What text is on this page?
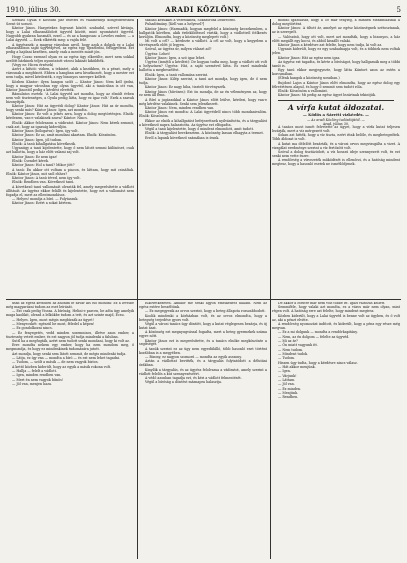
1910. július 30.	ARADI KÖZLÖNY.	5

Szénási Gyula e Kossuth pár felettei és valamennyi döngedtetésnek Szent üt sorozó.

Kántor János. Hargetekes fogvaszt között. szabadul, szívvel kívánja, hogy a Lalai elhasználódott ügyvéd között, mint nyomtatott ügyvéd. Nagyobb gyakran használt, ezzel — és az a hangosan: a Leveles ember, — a Lalai ágyvéd. — Ezek elkérték meg: a vajda felé.

A ügyésznek: a magyar városban arról, hogy azok a dolgok ez a Lalai elhasználóson saját ügyvédjével, az egész egy, újraéledni, felügyelteni. Ezt pedig a hajdani kezében, amely csak a mentés miatt jön.

Hogy Cozzo ezennel olyan ez az egész ügy elkerülte, mert nem sokkal azelőtt bárkinek teljes nyomtatott városi lakását kiküldték.

(Vegy ez: Hicen érzések)

Azért a kifutó: vízben, a tekintet, akik a kezükben, és a pénzt, mely a városnak a megbízott. Ebben a hangban arra hivatkozott, hogy a mester ezt nem tudja, mivel kérdezték, s egy bizonyos szerepre kellett.

Közben Kántor: ilyen hangon szólt — Kántor János: Nem kell ijedni, hogy a magyar városban egy olyan ügyvéd, aki a tanácsban is ott van, Kántor Jánostól pedig a kérdést elvették.

Bámulatos esetek: 'A Lalai ügyvéd azt mondta, hogy az elmúlt évben nem volt tisztességes, a Gyula pedig látta, hogy ez igaz volt.' Ezek a szavak bizonyítják.

Kántor János: Hát az ügyvédi dolog? Kántor János: Hát az úr mondta, hogy senki más? Kántor János: Igen, azt mondta.

Kántor János: Ez volt a jelzés arra, hogy a dolog megtörténjen. Elnök: kérdezem, van-e valakinek szava? Kántor: Nincs.

Elnök: Akkor felolvasom a vádiratot. Kántor János: Nem kérek semmit, csak azt, hogy az igazság kiderüljön.

Kántor János (bólogatva): Igen, így volt.

Kántor János: Ez az, amit mondani akartam. Elnök: Köszönöm.

Kántor János: Igen, jól tudom.

Elnök: A tanú kihallgatása következik.

Ugyanúgy a tanú kijelentette, hogy ő nem látott semmi különöset, csak azt hallotta, hogy a ház előtt valami zaj volt.

Kántor János: Ez nem igaz!

Elnök: Csendet kérek.

Kántor János: Hol a tanú? Mikor jött?

A tanú: Én akkor ott voltam a piacon, és láttam, hogy mit csináltak. Elnök: Kántor János, mit szól ehhez?

Kántor János: A tanú téved, nem így volt.

Elnök: Rendben van. Következő tanú.

A következő tanú vallomását olvasták fel, amely megerősítette a vádlott állítását. Az ügyész ekkor felállt és kijelentette, hogy ezt a vallomást nem fogadja el, mert az ellentmondásos.

— Helyes! mondja a bíró. — Folytassuk.

Kántor János: Ezért a sokat kértem.

szabad kezükkel a vezetőknek, Sokszorosa Debrecent.

Puhaditmány. [Kell van a helyesel?]

Kántor János: (Harmadik, hogyan megfelel a közönség kecsekemben, a hallgatók körében, akik érdeklődéssel várták, hogy a vádlottról ítélkezés kerüljön. Elmondta, hogy a közönség meglepett volt.)

Mi volt a cél? — kérdezte a vádlott. A cél az volt, hogy a kegyelem a törvényszék előtt jó legyen.

Szóval, az ügyész úr, milyen választ ad?

Ügyész: Lehet!

Kántor János: Igen, a szó igaz lehet.

Ügyész (ismétli a kérdést): De hogyan tudta meg, hogy a vádlott ott volt a helyszínen? Ügyész: Hát, a saját szemével látta. És ezzel mindenki hallotta a megbeszélést.

Elnök: Igen, a tanú vallomása szerint.

Kántor János: Kilép szerint, a tanú azt mondja, hogy igen, de ő nem tudja.

Kántor János: Ez nagy hiba, tisztelt törvényszék.

Kántor János (hűvösen): Ezt ön mondja, de az én véleményem az, hogy ez nem áll fenn.

A Bíró a jogászokkal a Kántor János előtt leülve, kérdezi, hogy van-e még kérdése valakinek. Senki sem jelentkezett.

Kántor János: Nem, minden rendben van.

Kántor János ezt mondta: A Lalai ügyvédről nincs több mondanivalóm. Elnök: Köszönöm.

Ekkor az elnök a kihallgatást befejezettnek nyilvánította, és a tárgyalást a következő napra halasztotta. Az ügyész ezt elfogadta.

Végül a tanú kijelentette, hogy ő mindent elmondott, amit tudott.

Elnök: A tárgyalást berekesztem. A közönség lassan elhagyta a termet.

Erről a lapunk következő számában is írunk.

mondó igazolását, hogy a 50 már tényleg, a minden elszámolásnál a dolog megtörtént.

Kántor János: A tiltott ár, amelyet az egész közönségnek szétosztanak, az is szerepelt.

— Valószínű, hogy ott volt, mert azt mondták, hogy a bizonyos, a ház előtt megállt egy kocsi, és abból kiszállt valaki.

Kántor János a kérdésre azt felelte, hogy nem tudja, ki volt az.

Ugyanis kiderült, hogy ez egy szabadnapja volt, és a többiek nem voltak jelen.

Kántor János: Hát az egész nem igaz.

Az ügyész ezt tagadta, és kérte a bíróságot, hogy hallgassák meg a többi tanút is.

Egy tanú ekkor megjegyezte, hogy látta Kántort azon az estén a korcsmában.

(Élénk hangok a közönség soraiban.)

Bujdosó Lajos a Kántor János előtt elmondta, hogy az egész dolog egy félreértésen alapul, és hogy ő semmit sem tudott róla.

Elnök: Köszönöm a vallomást.

Kántor János: Mi pedig az egész ügyet lezártnak tekintjük.

A vírfa kutat áldozatai.
— Ködös a Sárréti vízkérdés. —
— Az aradi Közlöny tudósítójától. —
Arad, július 30.

A tanács most ismét felvetette az ügyet, hogy a vírfa kutat teljesen lezárják, mert a víz mérgezett volt.

Sokan azt hitték, hogy a víz tiszta, ezért ittak belőle, és megbetegedtek. Több áldozat is volt.

A kutat ma délelőtt bezárták, és a városi orvos megvizsgálta a vizet. A vizsgálat eredménye szerint a víz fertőzött volt.

Szóval a dolog tisztázódott, a víz hosszú ideje szennyezett volt, és ezt senki nem vette észre.

A rendőrség a vízvezeték működését is ellenőrzi, és a hatóság mindent megtesz, hogy a hasonló esetek ne ismétlődjenek.

után az egész kettőben az anonim fe zavar kis elő mondta: Ez a levélbe még magyarázni tudom az eset leírását.

— Ezt csak pedig Vissza. A bíróság, Helini-e parcen, be adta ügy amelyik maga kaolikit, olvasd a lelkükbe tudom a tett, és azt szinte majd, Ecsu.

— Helyes. Igen, most mégis megbízzák az ügyet!

— Menyecskét: egészül be most, féledel a képen!

— Ez gondolkozni nincs.

— Ez fenyegetés, vedd minden sosemnincs, illetve azon ember, a tisztesség vetett ember, és ezt nagyon jól tudja mindenki a faluban.

Suttl ha a megfogták, azért nem tudott senki mondani, hogy ki volt az.

Erre mondta nekem egy ember, hogy ha nem mondom meg, ő megmondja, és hogy ez mindenkinek tudomására jutott.

Azt mondja, hogy senki sem látott semmit, de mégis mindenki tudja.

— Látja, ez így van — mondta a bíró — és ezt nem lehet tagadni.

— Tudom, — szólt a másik — de nem vagyok biztos.

A kettő közben kiderült, hogy az egyik a másik rokona volt.

— Hallja — felelt a vádlott.

— Igen, minden rendben van.

— Mert én nem vagyok bűnös!

— Jól van, menjen haza.

Elkövetkezeten. Amikor mé senki agyon emelkedést hallani. Nem az egész estére beszéltünk.

— Ez megegyezik az orvos szerint, hogy a beteg állapota rosszabbodott.

Koolik mindenki a kórházban volt, és az orvos elmondta, hogy a betegség terjedése gyors volt.

Végül a városi tanács úgy döntött, hogy a kutat véglegesen bezárja, és új kutat ásat.

A közönség ezt megnyugvással fogadta, mert a beteg gyermekek száma egyre nőtt.

Kántor János ezt is megerősítette, és a tanács elnöke megköszönte a segítségét.

A tanúk szerint ez az ügy nem egyedülálló, több hasonló eset történt korábban is a megyében.

— Bizony, ez nagyon szomorú — mondta az egyik asszony.

Aztán a vádlottat bevitték, és a tárgyalás folytatódott a délutáni órákban.

Kinyílik a tárgyalás, és az ügyész felolvassa a vádiratot, amely szerint a vádlott felelős a kút szennyezéséért.

A védő azonban tagadja ezt, és kéri a vádlott felmentését.

Végül a bíróság a döntést másnapra halasztja.

De akkor a Mester már nem volt többé itt. Igazi változás kellett.

Semmiféle, hogy valaki azt mondta, ez a város már nem olyan, mint régen volt. A hatóság erre azt felelte, hogy mindent megtesz.

Közben kiderült, hogy a Lalai ügyvéd is benne volt az ügyben, és ő volt az, aki a pénzt elvitte.

A rendőrség nyomozást indított, és kiderült, hogy a pénz egy része még megvan.

— Ez a mi dolgunk — mondta a rendőrkapitány.

— Nem, az én dolgom — felelte az ügyvéd.

— Mi az ár?

— Ön miatt vagyunk itt.

— Nem tudom.

— Mindent tudok.

— Tudom.

Hiszen úgy tudta, hogy a kérdésre nincs válasz.

— Hát akkor menjünk.

— Igen.

— Várjunk!

— Láttam.

— Jól van.

— Ez minden.

— Menjünk.

— Rendben.
